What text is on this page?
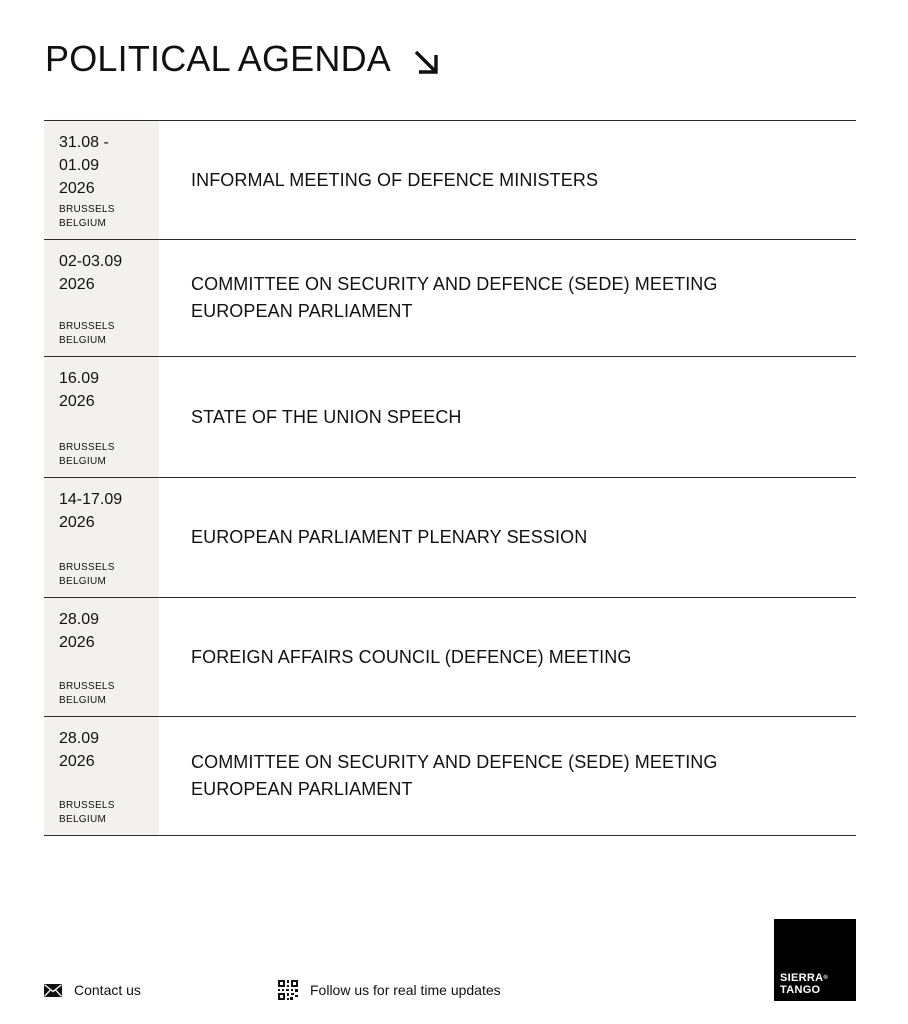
POLITICAL AGENDA
31.08 -
01.09
2026
BRUSSELS
BELGIUM
INFORMAL MEETING OF DEFENCE MINISTERS
02-03.09
2026
BRUSSELS
BELGIUM
COMMITTEE ON SECURITY AND DEFENCE (SEDE) MEETING
EUROPEAN PARLIAMENT
16.09
2026
BRUSSELS
BELGIUM
STATE OF THE UNION SPEECH
14-17.09
2026
BRUSSELS
BELGIUM
EUROPEAN PARLIAMENT PLENARY SESSION
28.09
2026
BRUSSELS
BELGIUM
FOREIGN AFFAIRS COUNCIL (DEFENCE) MEETING
28.09
2026
BRUSSELS
BELGIUM
COMMITTEE ON SECURITY AND DEFENCE (SEDE) MEETING
EUROPEAN PARLIAMENT
Contact us	Follow us for real time updates
SIERRA®
TANGO
